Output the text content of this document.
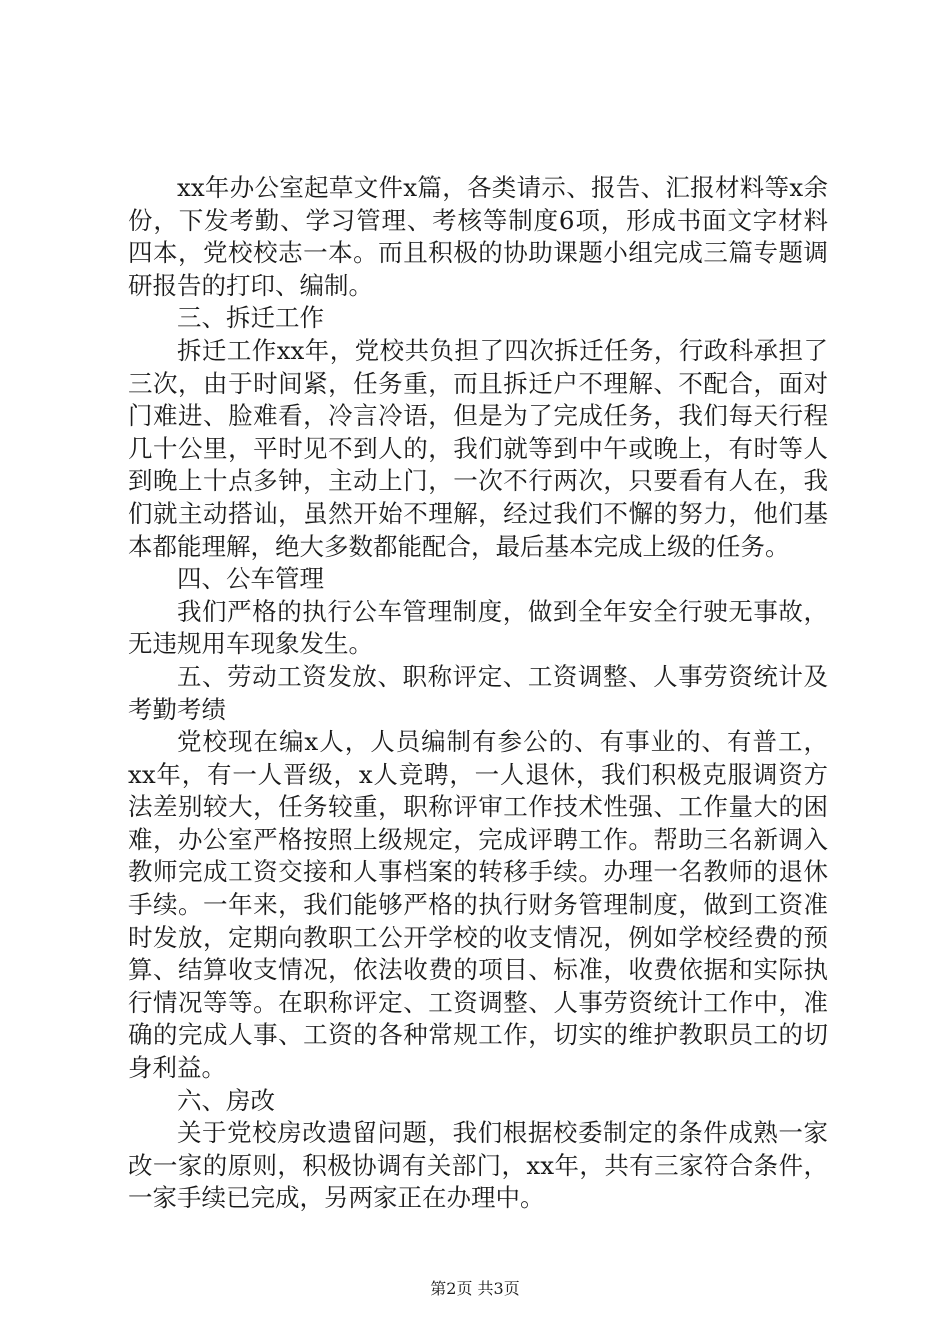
xx年办公室起草文件x篇，各类请示、报告、汇报材料等x余份，下发考勤、学习管理、考核等制度6项，形成书面文字材料四本，党校校志一本。而且积极的协助课题小组完成三篇专题调研报告的打印、编制。

三、拆迁工作

拆迁工作xx年，党校共负担了四次拆迁任务，行政科承担了三次，由于时间紧，任务重，而且拆迁户不理解、不配合，面对门难进、脸难看，冷言冷语，但是为了完成任务，我们每天行程几十公里，平时见不到人的，我们就等到中午或晚上，有时等人到晚上十点多钟，主动上门，一次不行两次，只要看有人在，我们就主动搭讪，虽然开始不理解，经过我们不懈的努力，他们基本都能理解，绝大多数都能配合，最后基本完成上级的任务。

四、公车管理

我们严格的执行公车管理制度，做到全年安全行驶无事故，无违规用车现象发生。

五、劳动工资发放、职称评定、工资调整、人事劳资统计及考勤考绩

党校现在编x人，人员编制有参公的、有事业的、有普工，xx年，有一人晋级，x人竞聘，一人退休，我们积极克服调资方法差别较大，任务较重，职称评审工作技术性强、工作量大的困难，办公室严格按照上级规定，完成评聘工作。帮助三名新调入教师完成工资交接和人事档案的转移手续。办理一名教师的退休手续。一年来，我们能够严格的执行财务管理制度，做到工资准时发放，定期向教职工公开学校的收支情况，例如学校经费的预算、结算收支情况，依法收费的项目、标准，收费依据和实际执行情况等等。在职称评定、工资调整、人事劳资统计工作中，准确的完成人事、工资的各种常规工作，切实的维护教职员工的切身利益。

六、房改

关于党校房改遗留问题，我们根据校委制定的条件成熟一家改一家的原则，积极协调有关部门，xx年，共有三家符合条件，一家手续已完成，另两家正在办理中。

第2页 共3页
